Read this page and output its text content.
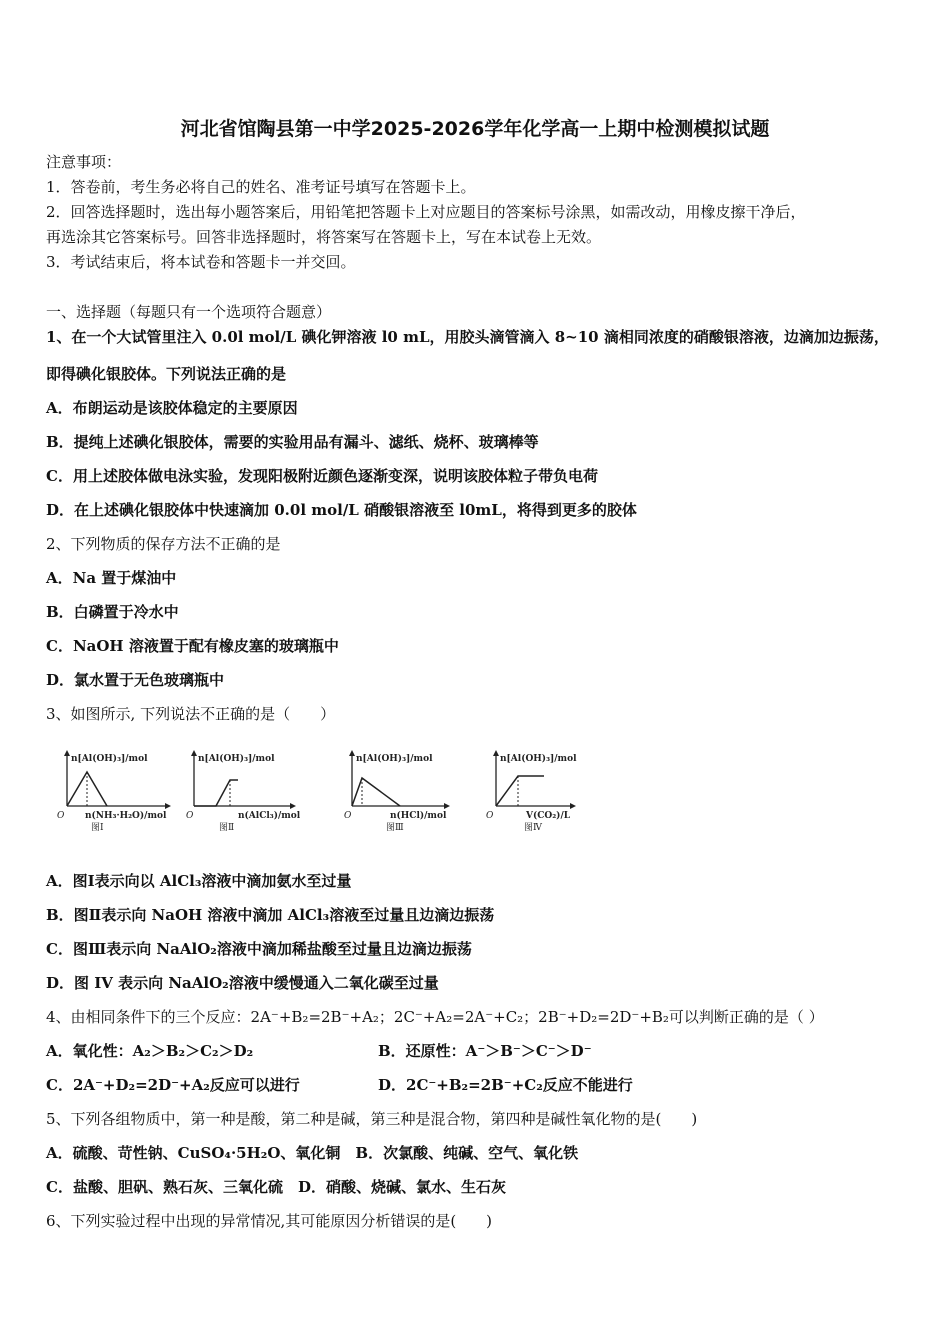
河北省馆陶县第一中学2025-2026学年化学高一上期中检测模拟试题
注意事项：
1．答卷前，考生务必将自己的姓名、准考证号填写在答题卡上。
2．回答选择题时，选出每小题答案后，用铅笔把答题卡上对应题目的答案标号涂黑，如需改动，用橡皮擦干净后，
再选涂其它答案标号。回答非选择题时，将答案写在答题卡上，写在本试卷上无效。
3．考试结束后，将本试卷和答题卡一并交回。
一、选择题（每题只有一个选项符合题意）
1、在一个大试管里注入 0.0l mol/L 碘化钾溶液 l0 mL，用胶头滴管滴入 8~10 滴相同浓度的硝酸银溶液，边滴加边振荡，
即得碘化银胶体。下列说法正确的是
A．布朗运动是该胶体稳定的主要原因
B．提纯上述碘化银胶体，需要的实验用品有漏斗、滤纸、烧杯、玻璃棒等
C．用上述胶体做电泳实验，发现阳极附近颜色逐渐变深，说明该胶体粒子带负电荷
D．在上述碘化银胶体中快速滴加 0.0l mol/L 硝酸银溶液至 l0mL，将得到更多的胶体
2、下列物质的保存方法不正确的是
A．Na 置于煤油中
B．白磷置于冷水中
C．NaOH 溶液置于配有橡皮塞的玻璃瓶中
D．氯水置于无色玻璃瓶中
3、如图所示, 下列说法不正确的是（　　）
n[Al(OH)₃]/mol
O n(NH₃·H₂O)/mol
图Ⅰ
n[Al(OH)₃]/mol
O	n(AlCl₃)/mol
图Ⅱ
n[Al(OH)₃]/mol
O	n(HCl)/mol
图Ⅲ
n[Al(OH)₃]/mol
O	V(CO₂)/L
图Ⅳ
A．图Ⅰ表示向以 AlCl₃溶液中滴加氨水至过量
B．图Ⅱ表示向 NaOH 溶液中滴加 AlCl₃溶液至过量且边滴边振荡
C．图Ⅲ表示向 NaAlO₂溶液中滴加稀盐酸至过量且边滴边振荡
D．图 IV 表示向 NaAlO₂溶液中缓慢通入二氧化碳至过量
4、由相同条件下的三个反应：2A⁻+B₂=2B⁻+A₂；2C⁻+A₂=2A⁻+C₂；2B⁻+D₂=2D⁻+B₂可以判断正确的是（ ）
A．氧化性：A₂＞B₂＞C₂＞D₂	B．还原性：A⁻＞B⁻＞C⁻＞D⁻
C．2A⁻+D₂=2D⁻+A₂反应可以进行	D．2C⁻+B₂=2B⁻+C₂反应不能进行
5、下列各组物质中，第一种是酸，第二种是碱，第三种是混合物，第四种是碱性氧化物的是(　　)
A．硫酸、苛性钠、CuSO₄·5H₂O、氧化铜　B．次氯酸、纯碱、空气、氧化铁
C．盐酸、胆矾、熟石灰、三氧化硫　D．硝酸、烧碱、氯水、生石灰
6、下列实验过程中出现的异常情况,其可能原因分析错误的是(　　)
